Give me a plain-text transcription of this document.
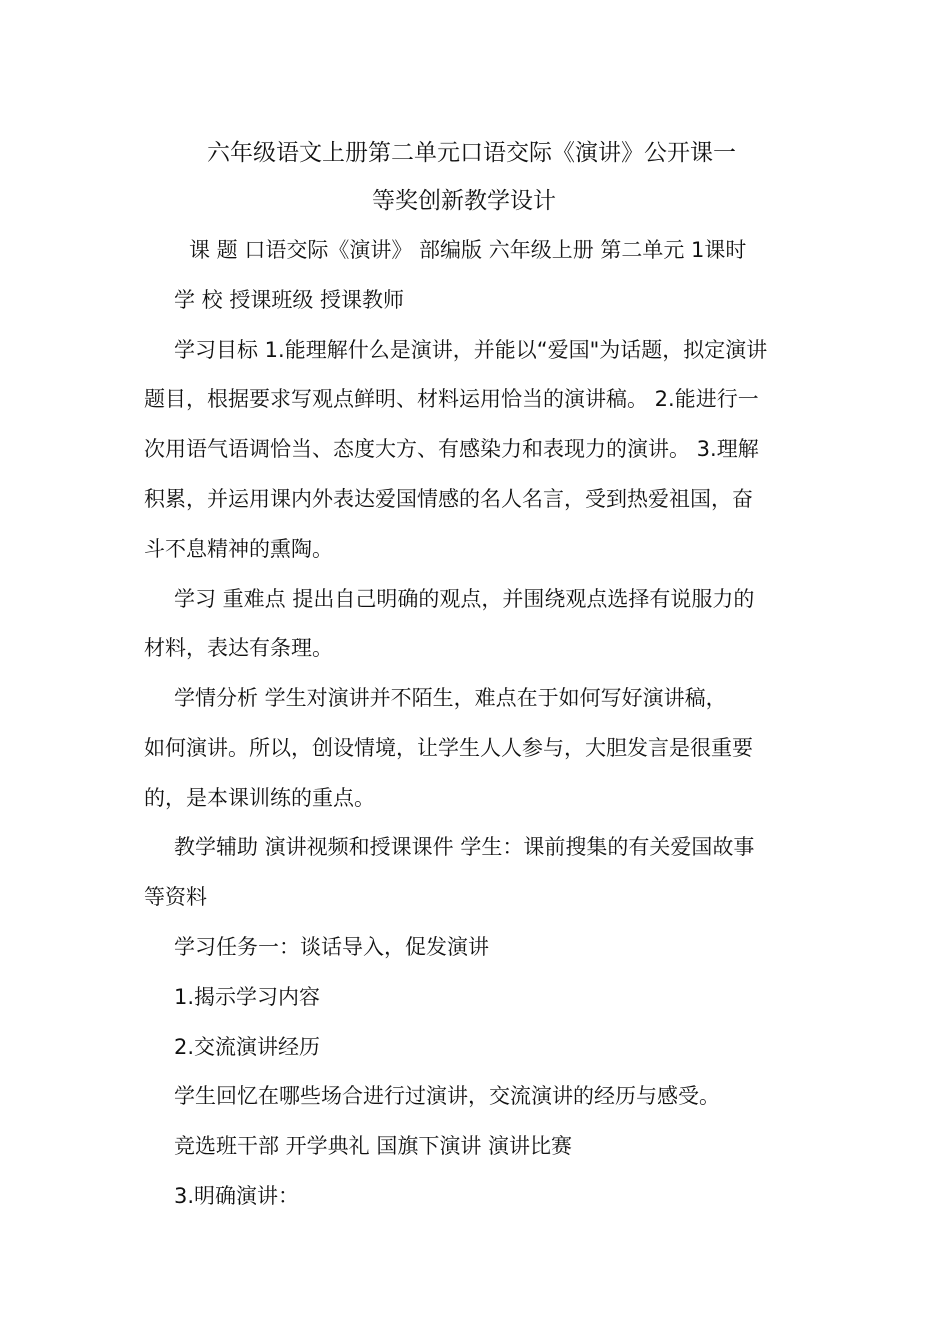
六年级语文上册第二单元口语交际《演讲》公开课一
等奖创新教学设计
课 题 口语交际《演讲》 部编版 六年级上册 第二单元 1课时
学 校 授课班级 授课教师
学习目标 1.能理解什么是演讲，并能以“爱国"为话题，拟定演讲
题目，根据要求写观点鲜明、材料运用恰当的演讲稿。 2.能进行一
次用语气语调恰当、态度大方、有感染力和表现力的演讲。 3.理解
积累，并运用课内外表达爱国情感的名人名言，受到热爱祖国，奋
斗不息精神的熏陶。
学习 重难点 提出自己明确的观点，并围绕观点选择有说服力的
材料，表达有条理。
学情分析 学生对演讲并不陌生，难点在于如何写好演讲稿，
如何演讲。所以，创设情境，让学生人人参与，大胆发言是很重要
的，是本课训练的重点。
教学辅助 演讲视频和授课课件 学生：课前搜集的有关爱国故事
等资料
学习任务一：谈话导入，促发演讲
1.揭示学习内容
2.交流演讲经历
学生回忆在哪些场合进行过演讲，交流演讲的经历与感受。
竞选班干部 开学典礼 国旗下演讲 演讲比赛
3.明确演讲：
